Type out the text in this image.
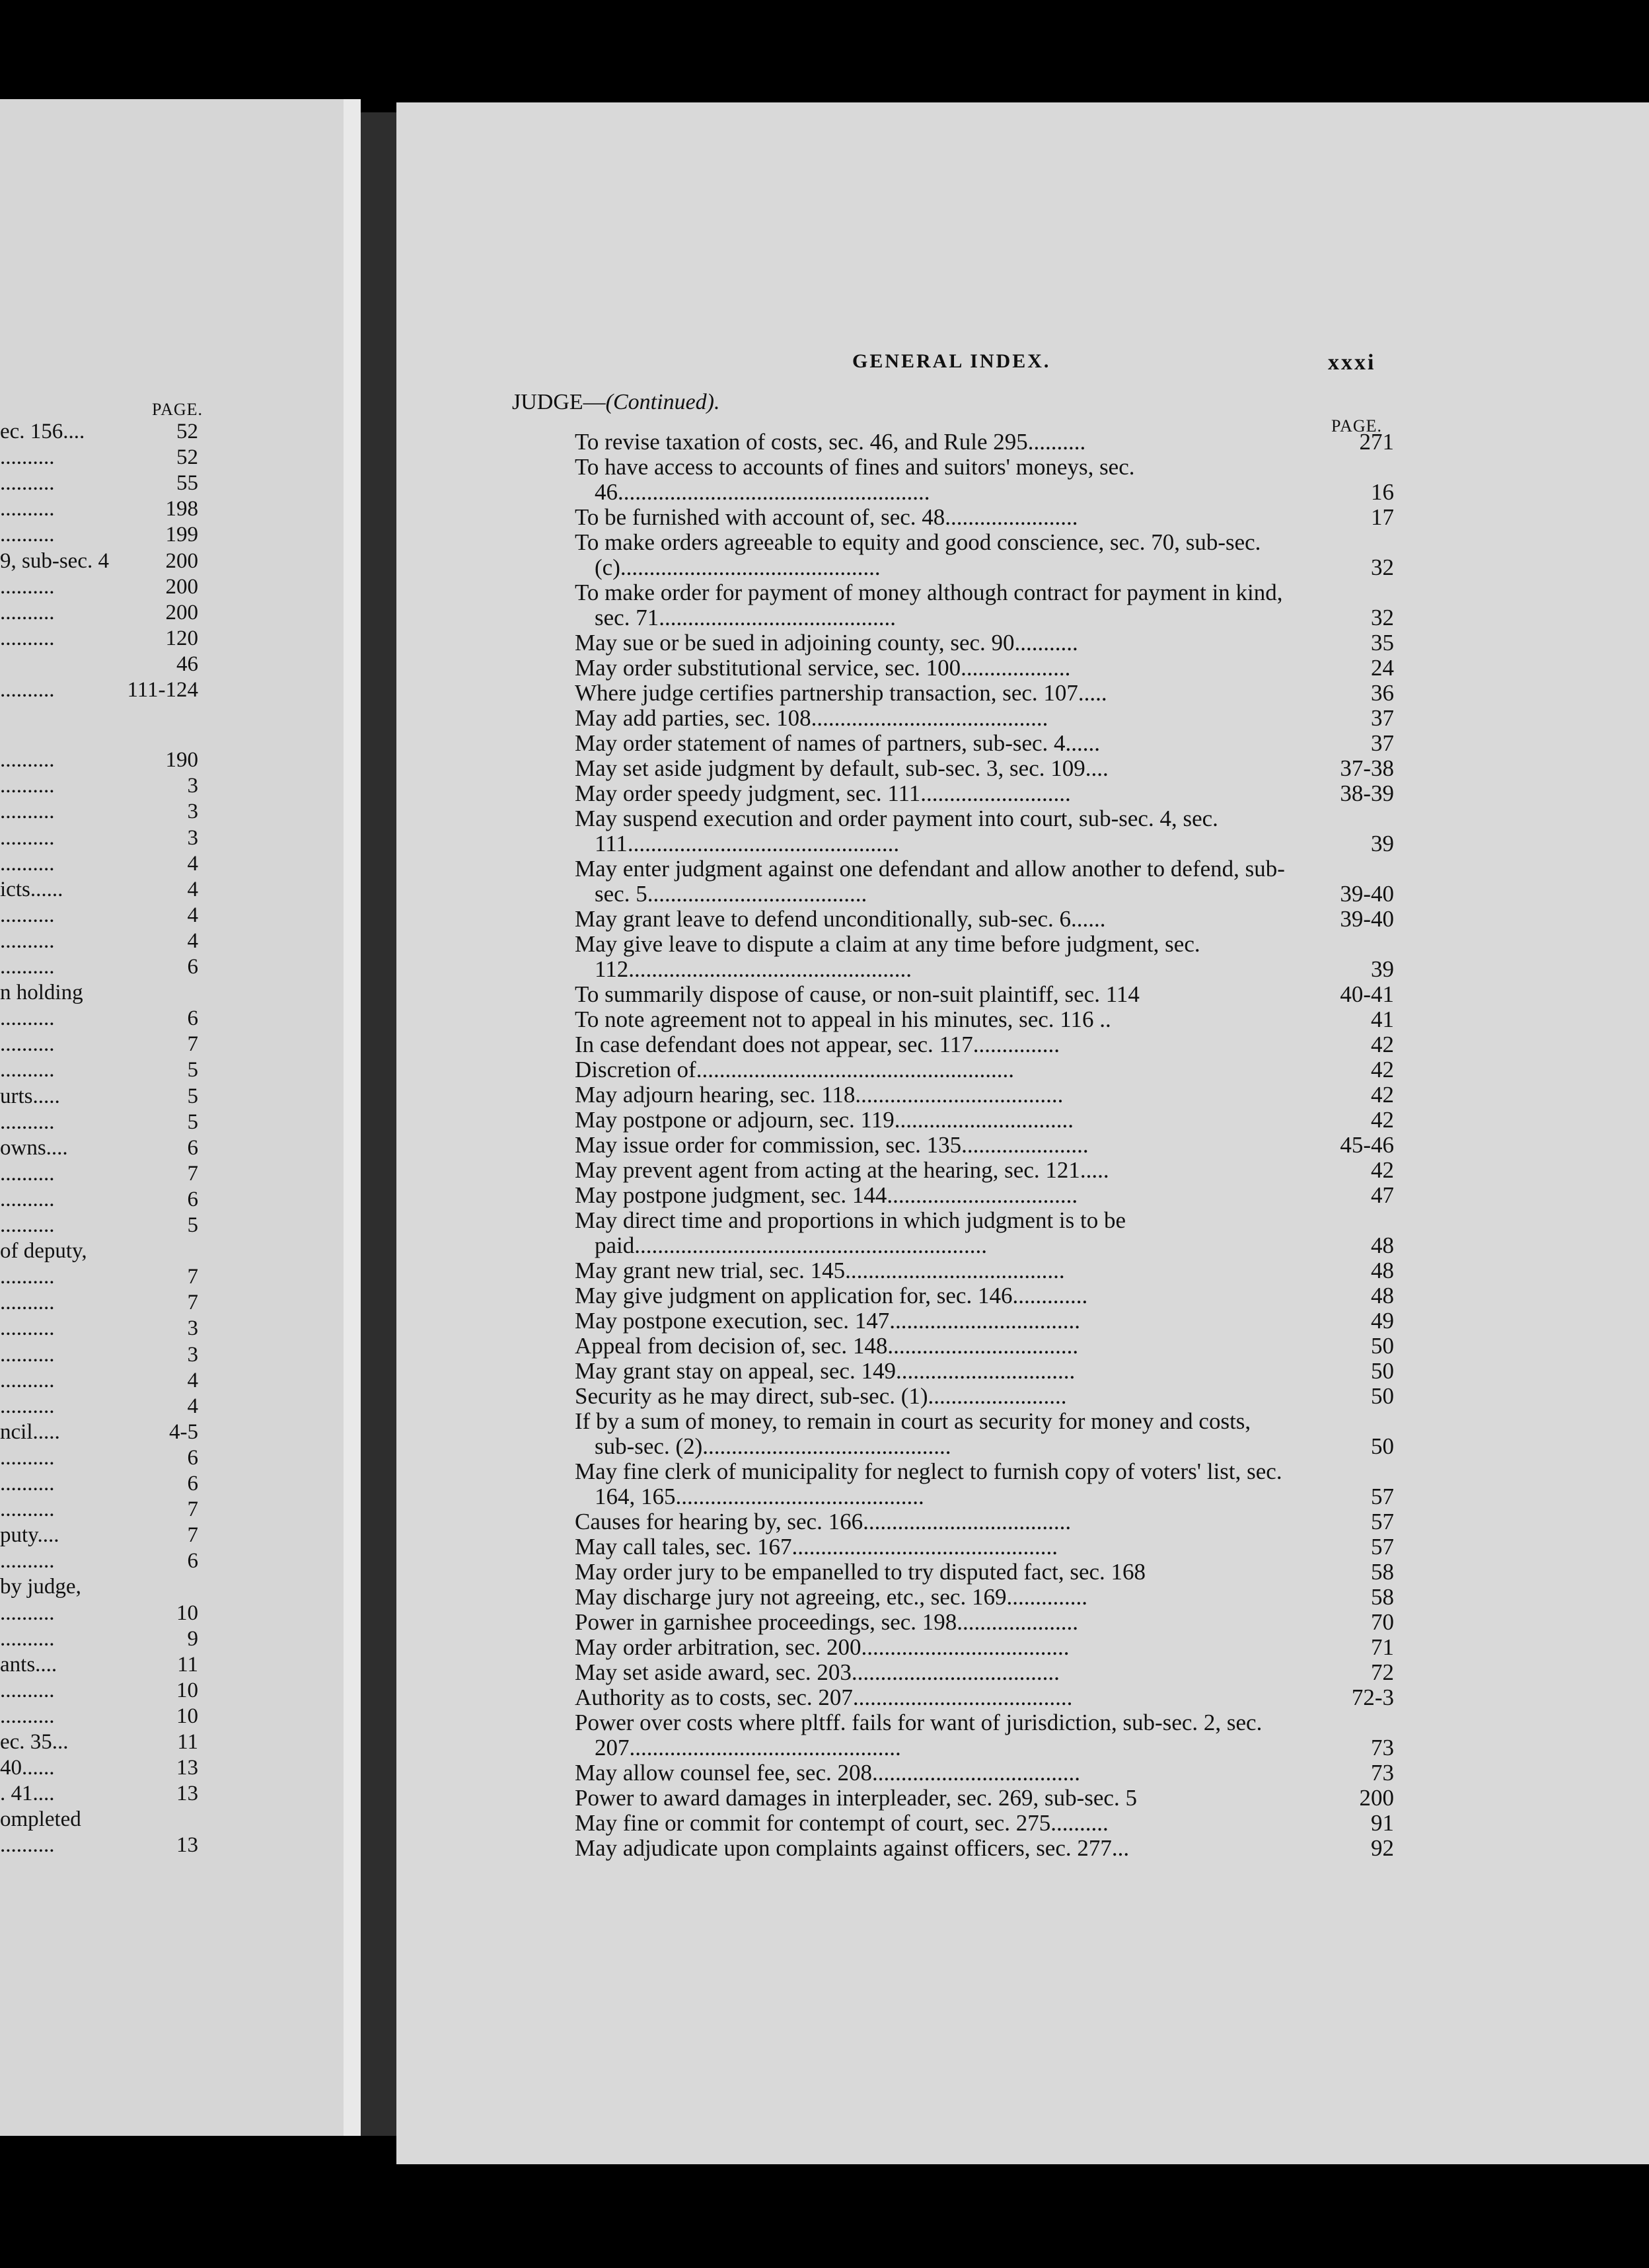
PAGE.
ec. 156....	52
..........	52
..........	55
..........	198
..........	199
9, sub-sec. 4	200
..........	200
..........	200
..........	120
46
..........	111-124
..........	190
..........	3
..........	3
..........	3
..........	4
icts......	4
..........	4
..........	4
..........	6
n holding
..........	6
..........	7
..........	5
urts.....	5
..........	5
owns....	6
..........	7
..........	6
..........	5
of deputy,
..........	7
..........	7
..........	3
..........	3
..........	4
..........	4
ncil.....	4-5
..........	6
..........	6
..........	7
puty....	7
..........	6
by judge,
..........	10
..........	9
ants....	11
..........	10
..........	10
ec. 35...	11
40......	13
. 41....	13
ompleted
..........	13
GENERAL INDEX.	xxxi
JUDGE—(Continued).
PAGE.
To revise taxation of costs, sec. 46, and Rule 295..........	271
To have access to accounts of fines and suitors' moneys, sec. 46......................................................	16
To be furnished with account of, sec. 48.......................	17
To make orders agreeable to equity and good conscience, sec. 70, sub-sec. (c).............................................	32
To make order for payment of money although contract for payment in kind, sec. 71.........................................	32
May sue or be sued in adjoining county, sec. 90...........	35
May order substitutional service, sec. 100...................	24
Where judge certifies partnership transaction, sec. 107.....	36
May add parties, sec. 108.........................................	37
May order statement of names of partners, sub-sec. 4......	37
May set aside judgment by default, sub-sec. 3, sec. 109....	37-38
May order speedy judgment, sec. 111..........................	38-39
May suspend execution and order payment into court, sub-sec. 4, sec. 111...............................................	39
May enter judgment against one defendant and allow another to defend, sub-sec. 5......................................	39-40
May grant leave to defend unconditionally, sub-sec. 6......	39-40
May give leave to dispute a claim at any time before judgment, sec. 112.................................................	39
To summarily dispose of cause, or non-suit plaintiff, sec. 114	40-41
To note agreement not to appeal in his minutes, sec. 116 ..	41
In case defendant does not appear, sec. 117...............	42
Discretion of.......................................................	42
May adjourn hearing, sec. 118....................................	42
May postpone or adjourn, sec. 119...............................	42
May issue order for commission, sec. 135......................	45-46
May prevent agent from acting at the hearing, sec. 121.....	42
May postpone judgment, sec. 144.................................	47
May direct time and proportions in which judgment is to be paid.............................................................	48
May grant new trial, sec. 145......................................	48
May give judgment on application for, sec. 146.............	48
May postpone execution, sec. 147.................................	49
Appeal from decision of, sec. 148.................................	50
May grant stay on appeal, sec. 149...............................	50
Security as he may direct, sub-sec. (1)........................	50
If by a sum of money, to remain in court as security for money and costs, sub-sec. (2)...........................................	50
May fine clerk of municipality for neglect to furnish copy of voters' list, sec. 164, 165...........................................	57
Causes for hearing by, sec. 166....................................	57
May call tales, sec. 167..............................................	57
May order jury to be empanelled to try disputed fact, sec. 168	58
May discharge jury not agreeing, etc., sec. 169..............	58
Power in garnishee proceedings, sec. 198.....................	70
May order arbitration, sec. 200....................................	71
May set aside award, sec. 203....................................	72
Authority as to costs, sec. 207......................................	72-3
Power over costs where pltff. fails for want of jurisdiction, sub-sec. 2, sec. 207...............................................	73
May allow counsel fee, sec. 208....................................	73
Power to award damages in interpleader, sec. 269, sub-sec. 5	200
May fine or commit for contempt of court, sec. 275..........	91
May adjudicate upon complaints against officers, sec. 277...	92
